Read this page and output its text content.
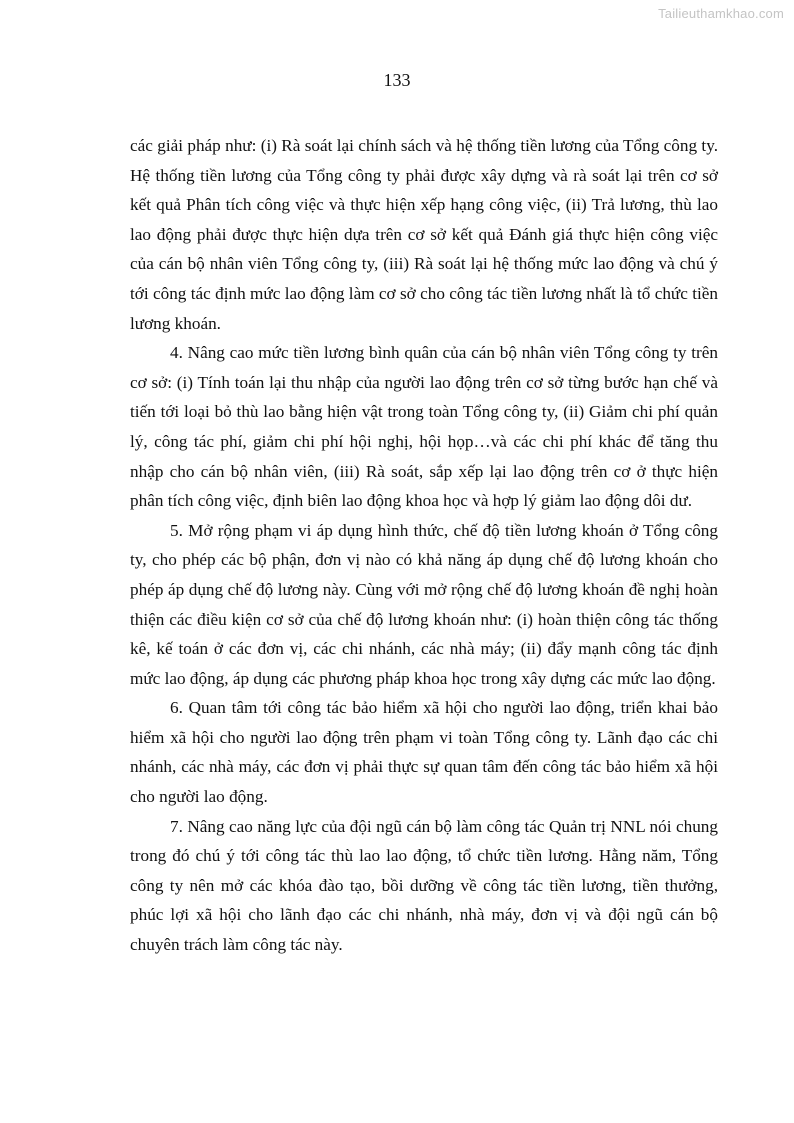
Tailieuthamkhao.com
133

các giải pháp như: (i) Rà soát lại chính sách và hệ thống tiền lương của Tổng công ty. Hệ thống tiền lương của Tổng công ty phải được xây dựng và rà soát lại trên cơ sở kết quả Phân tích công việc và thực hiện xếp hạng công việc, (ii) Trả lương, thù lao lao động phải được thực hiện dựa trên cơ sở kết quả Đánh giá thực hiện công việc của cán bộ nhân viên Tổng công ty, (iii) Rà soát lại hệ thống mức lao động và chú ý tới công tác định mức lao động làm cơ sở cho công tác tiền lương nhất là tổ chức tiền lương khoán.

4. Nâng cao mức tiền lương bình quân của cán bộ nhân viên Tổng công ty trên cơ sở: (i) Tính toán lại thu nhập của người lao động trên cơ sở từng bước hạn chế và tiến tới loại bỏ thù lao bằng hiện vật trong toàn Tổng công ty, (ii) Giảm chi phí quản lý, công tác phí, giảm chi phí hội nghị, hội họp…và các chi phí khác để tăng thu nhập cho cán bộ nhân viên, (iii) Rà soát, sắp xếp lại lao động trên cơ ở thực hiện phân tích công việc, định biên lao động khoa học và hợp lý giảm lao động dôi dư.

5. Mở rộng phạm vi áp dụng hình thức, chế độ tiền lương khoán ở Tổng công ty, cho phép các bộ phận, đơn vị nào có khả năng áp dụng chế độ lương khoán cho phép áp dụng chế độ lương này. Cùng với mở rộng chế độ lương khoán đề nghị hoàn thiện các điều kiện cơ sở của chế độ lương khoán như: (i) hoàn thiện công tác thống kê, kế toán ở các đơn vị, các chi nhánh, các nhà máy; (ii) đẩy mạnh công tác định mức lao động, áp dụng các phương pháp khoa học trong xây dựng các mức lao động.

6. Quan tâm tới công tác bảo hiểm xã hội cho người lao động, triển khai bảo hiểm xã hội cho người lao động trên phạm vi toàn Tổng công ty. Lãnh đạo các chi nhánh, các nhà máy, các đơn vị phải thực sự quan tâm đến công tác bảo hiểm xã hội cho người lao động.

7. Nâng cao năng lực của đội ngũ cán bộ làm công tác Quản trị NNL nói chung trong đó chú ý tới công tác thù lao lao động, tổ chức tiền lương. Hằng năm, Tổng công ty nên mở các khóa đào tạo, bồi dưỡng về công tác tiền lương, tiền thưởng, phúc lợi xã hội cho lãnh đạo các chi nhánh, nhà máy, đơn vị và đội ngũ cán bộ chuyên trách làm công tác này.
